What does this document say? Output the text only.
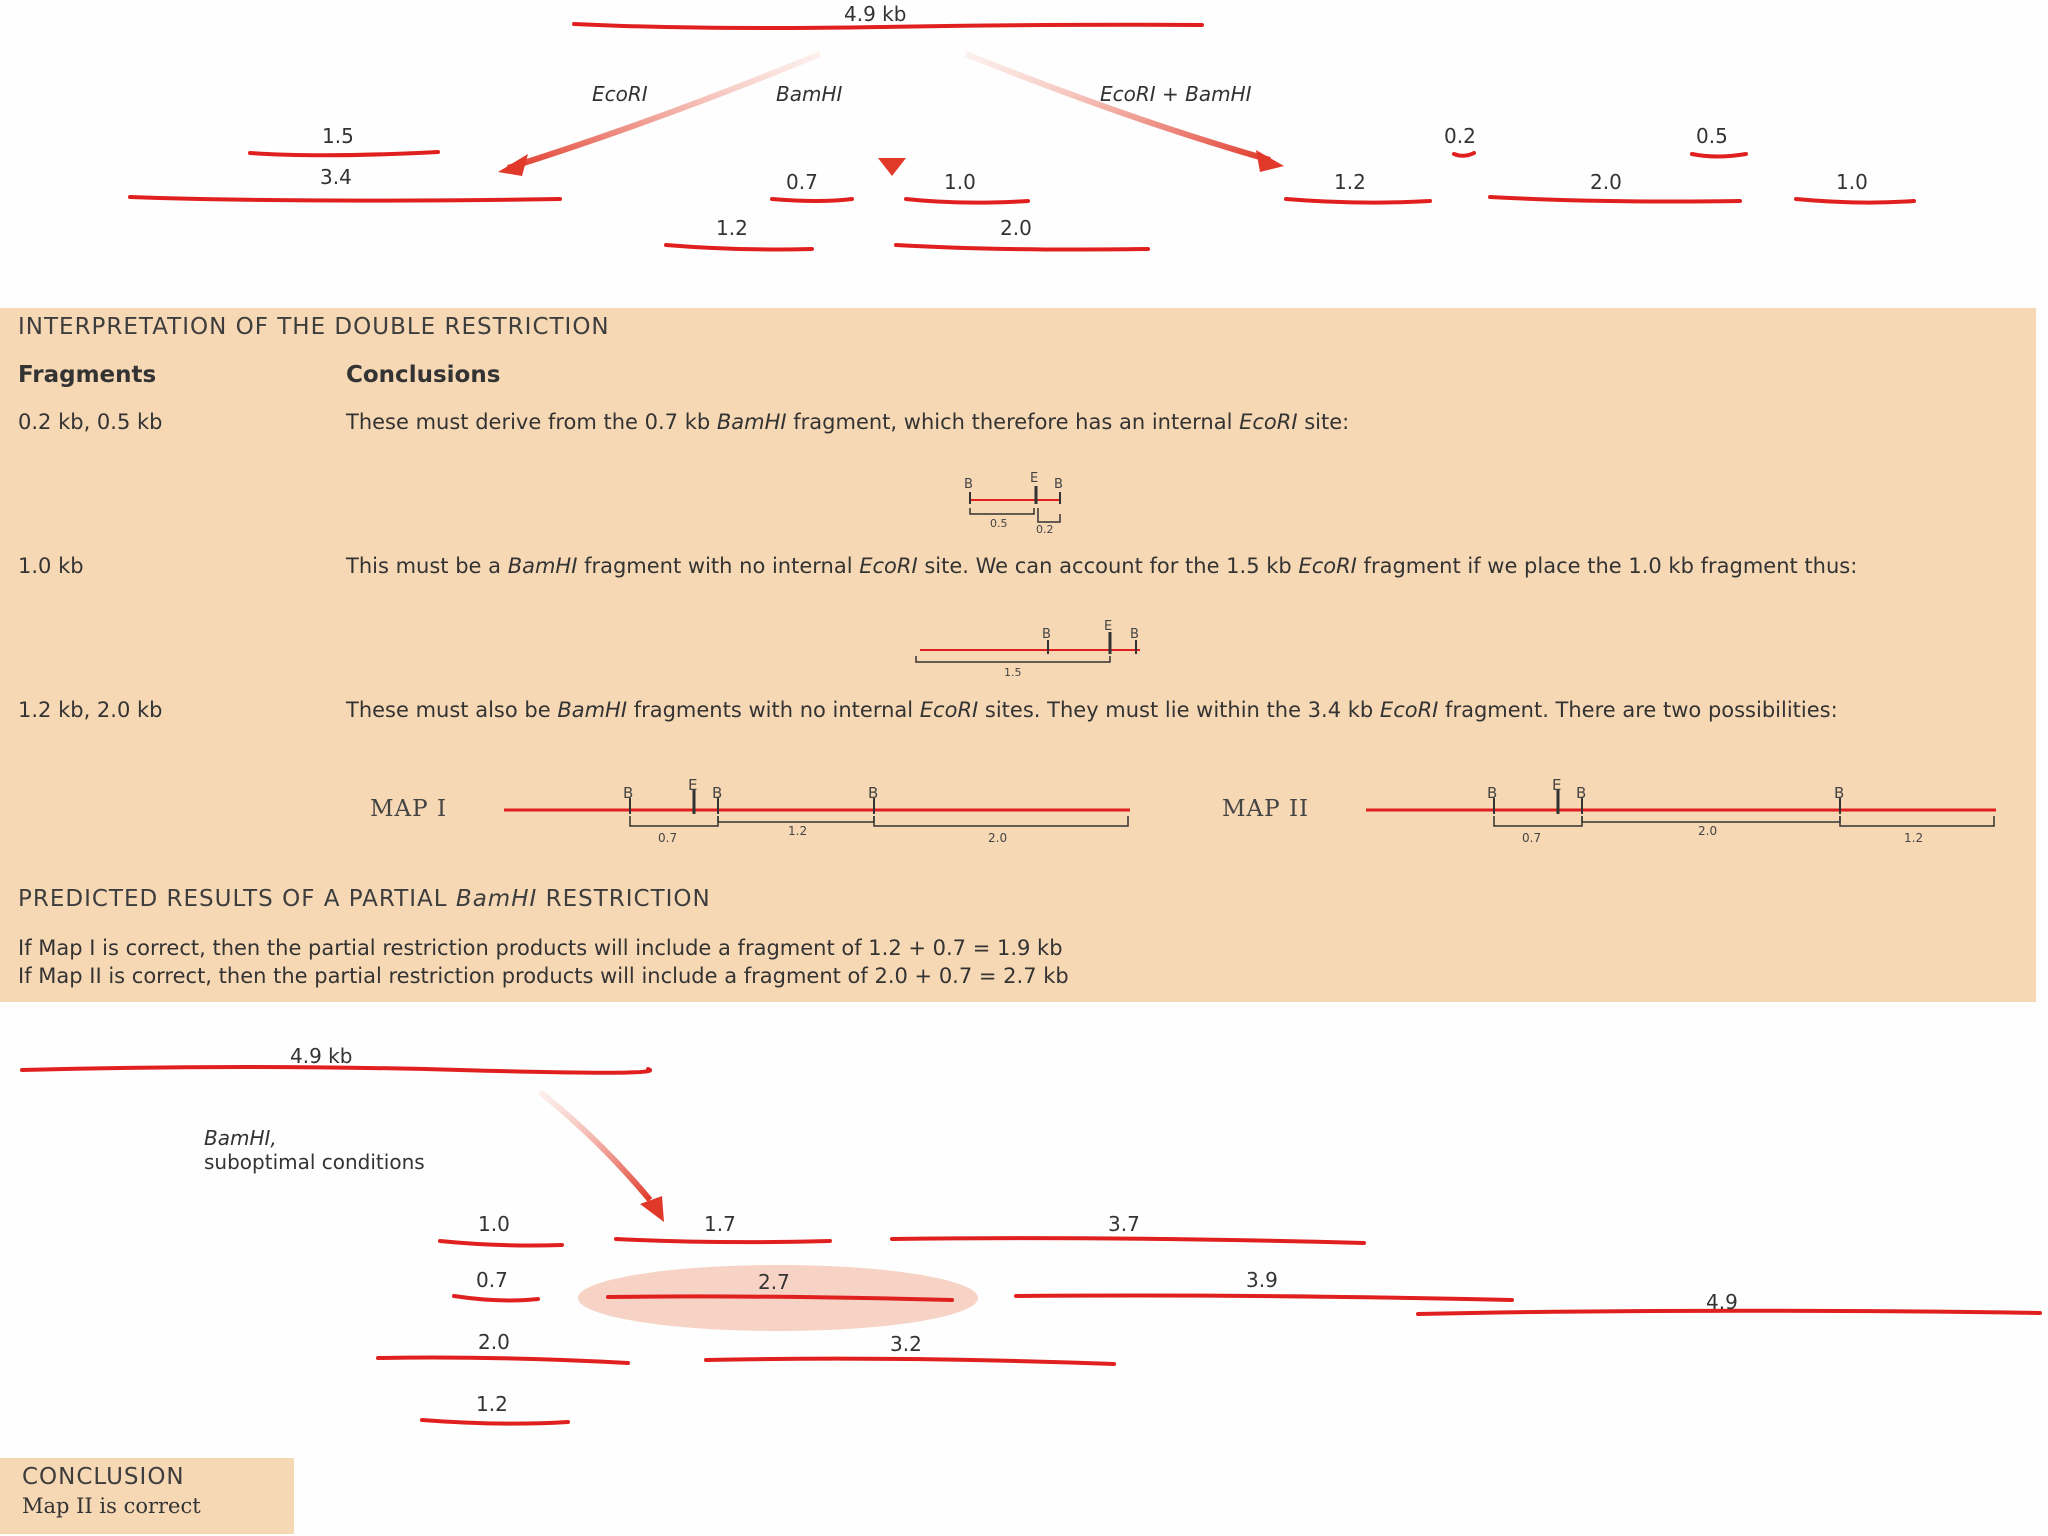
B	E B
0.5	0.2
B
E
B
1.5
B	E B	B
0.7	1.2	2.0
B	E B	B
0.7	2.0	1.2
4.9 kb
EcoRI	BamHI	EcoRI + BamHI
1.5
3.4	0.7	1.0
1.2	2.0
0.2	0.5
1.2	2.0	1.0
INTERPRETATION OF THE DOUBLE RESTRICTION
Fragments	Conclusions
0.2 kb, 0.5 kb	These must derive from the 0.7 kb BamHI fragment, which therefore has an internal EcoRI site:
1.0 kb	This must be a BamHI fragment with no internal EcoRI site. We can account for the 1.5 kb EcoRI fragment if we place the 1.0 kb fragment thus:
1.2 kb, 2.0 kb	These must also be BamHI fragments with no internal EcoRI sites. They must lie within the 3.4 kb EcoRI fragment. There are two possibilities:
MAP I	MAP II
PREDICTED RESULTS OF A PARTIAL BamHI RESTRICTION
If Map I is correct, then the partial restriction products will include a fragment of 1.2 + 0.7 = 1.9 kb
If Map II is correct, then the partial restriction products will include a fragment of 2.0 + 0.7 = 2.7 kb
4.9 kb
BamHI,
suboptimal conditions
1.0	1.7	3.7
0.7	2.7	3.9
4.9
2.0	3.2
1.2
CONCLUSION
Map II is correct
